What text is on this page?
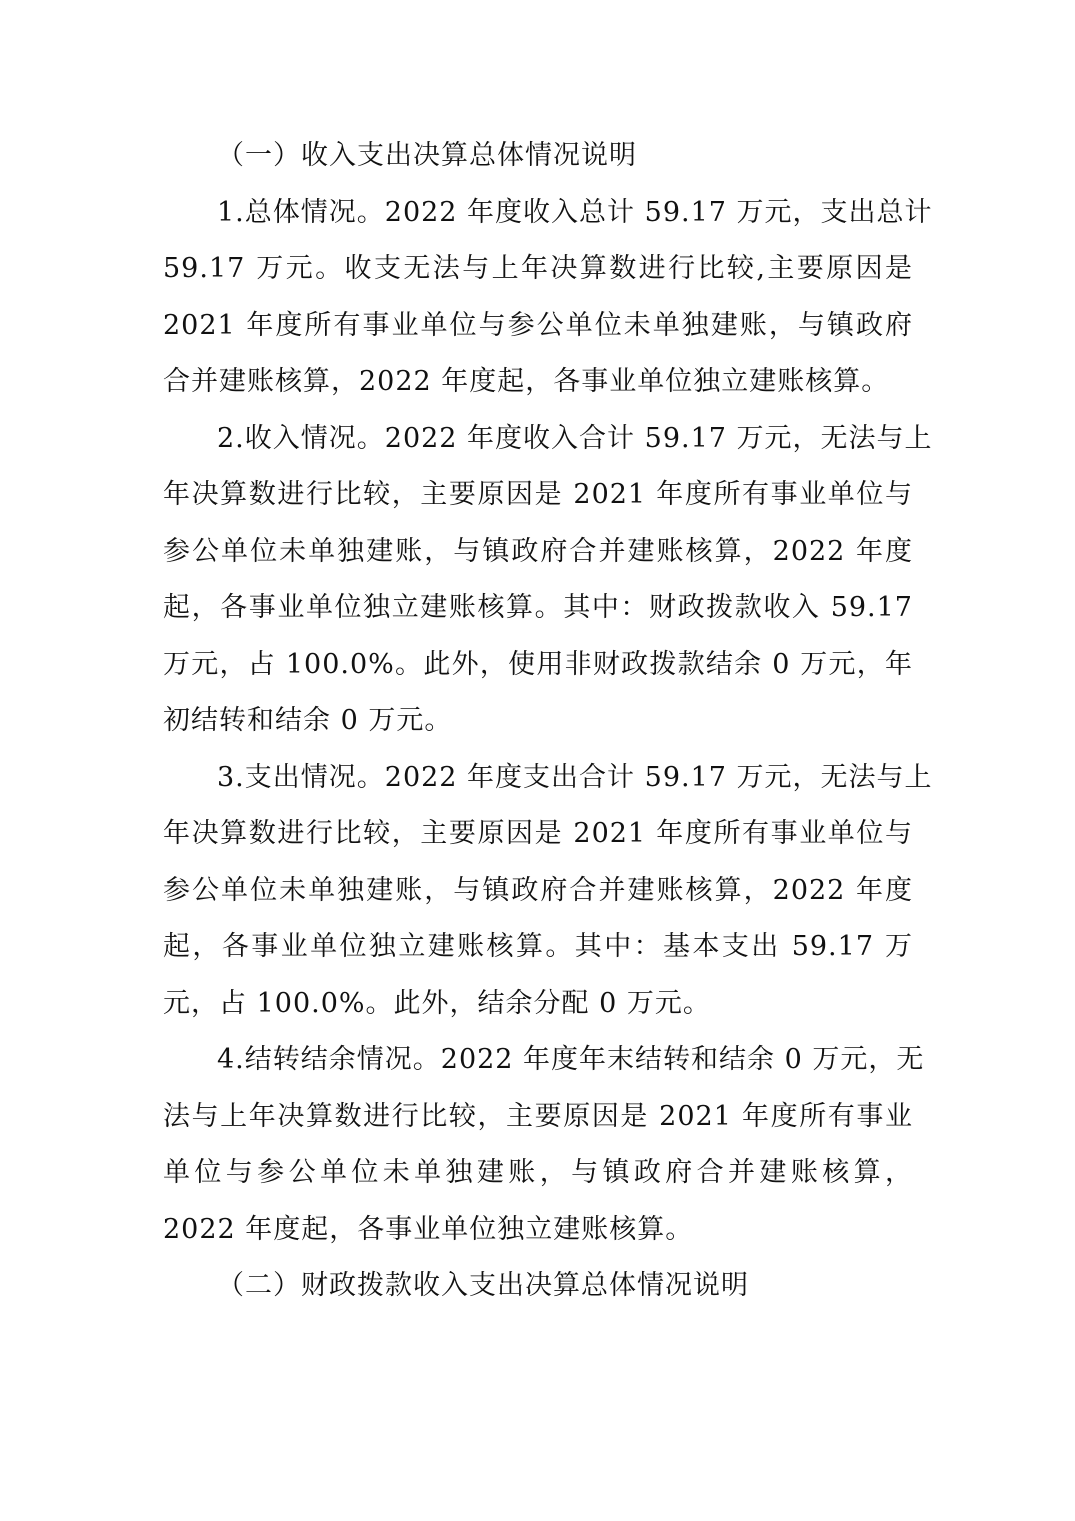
（一）收入支出决算总体情况说明
1.总体情况。2022 年度收入总计 59.17 万元，支出总计
59.17 万元。收支无法与上年决算数进行比较,主要原因是
2021 年度所有事业单位与参公单位未单独建账，与镇政府
合并建账核算，2022 年度起，各事业单位独立建账核算。
2.收入情况。2022 年度收入合计 59.17 万元，无法与上
年决算数进行比较，主要原因是 2021 年度所有事业单位与
参公单位未单独建账，与镇政府合并建账核算，2022 年度
起，各事业单位独立建账核算。其中：财政拨款收入 59.17
万元，占 100.0%。此外，使用非财政拨款结余 0 万元，年
初结转和结余 0 万元。
3.支出情况。2022 年度支出合计 59.17 万元，无法与上
年决算数进行比较，主要原因是 2021 年度所有事业单位与
参公单位未单独建账，与镇政府合并建账核算，2022 年度
起，各事业单位独立建账核算。其中：基本支出 59.17 万
元，占 100.0%。此外，结余分配 0 万元。
4.结转结余情况。2022 年度年末结转和结余 0 万元，无
法与上年决算数进行比较，主要原因是 2021 年度所有事业
单位与参公单位未单独建账，与镇政府合并建账核算，
2022 年度起，各事业单位独立建账核算。
（二）财政拨款收入支出决算总体情况说明
